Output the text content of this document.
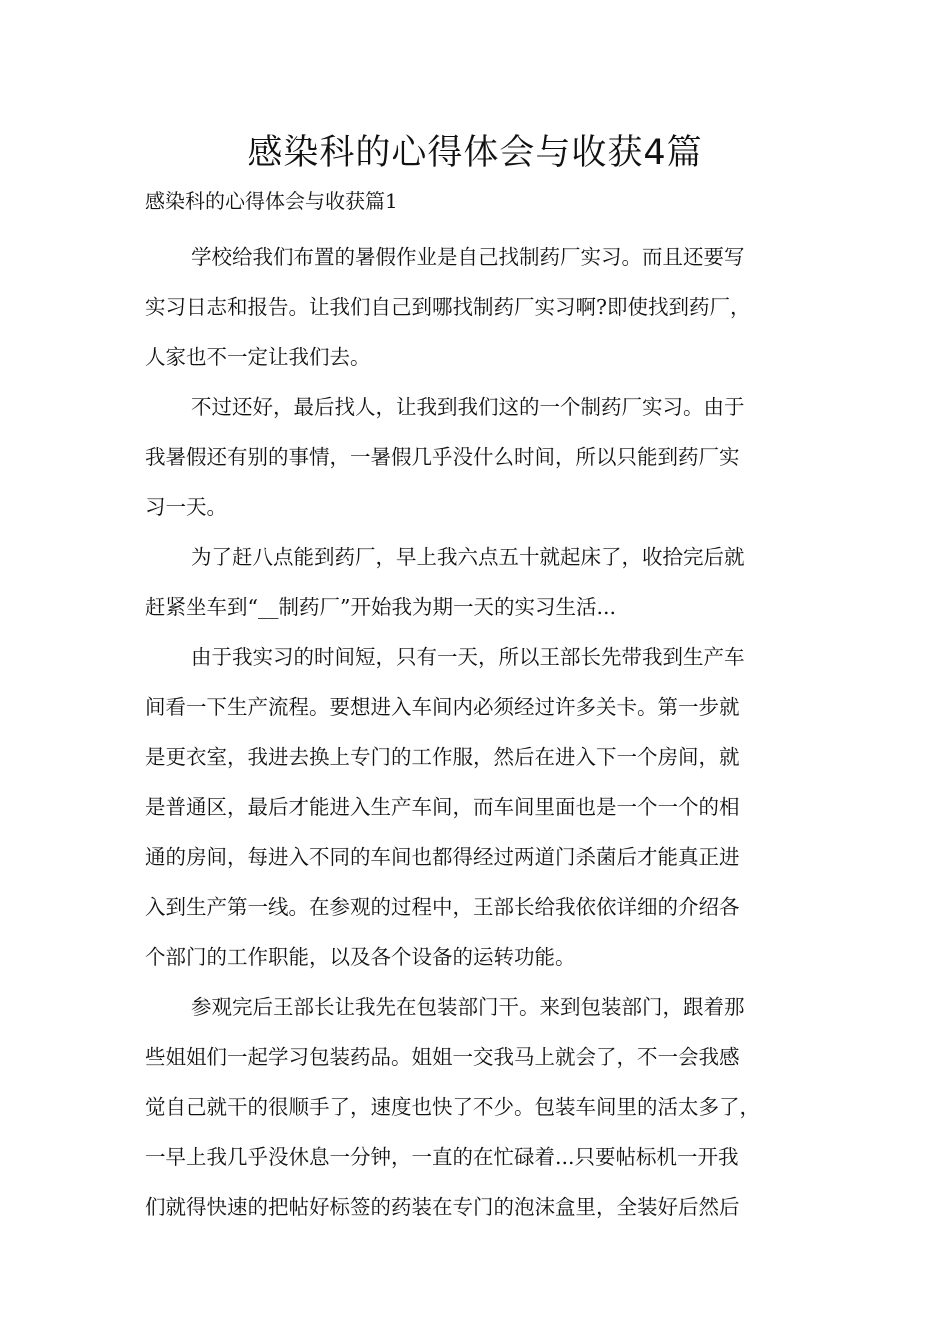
感染科的心得体会与收获4篇
感染科的心得体会与收获篇1

学校给我们布置的暑假作业是自己找制药厂实习。而且还要写
实习日志和报告。让我们自己到哪找制药厂实习啊?即使找到药厂，
人家也不一定让我们去。

不过还好，最后找人，让我到我们这的一个制药厂实习。由于
我暑假还有别的事情，一暑假几乎没什么时间，所以只能到药厂实
习一天。

为了赶八点能到药厂，早上我六点五十就起床了，收拾完后就
赶紧坐车到“__制药厂”开始我为期一天的实习生活...

由于我实习的时间短，只有一天，所以王部长先带我到生产车
间看一下生产流程。要想进入车间内必须经过许多关卡。第一步就
是更衣室，我进去换上专门的工作服，然后在进入下一个房间，就
是普通区，最后才能进入生产车间，而车间里面也是一个一个的相
通的房间，每进入不同的车间也都得经过两道门杀菌后才能真正进
入到生产第一线。在参观的过程中，王部长给我依依详细的介绍各
个部门的工作职能，以及各个设备的运转功能。

参观完后王部长让我先在包装部门干。来到包装部门，跟着那
些姐姐们一起学习包装药品。姐姐一交我马上就会了，不一会我感
觉自己就干的很顺手了，速度也快了不少。包装车间里的活太多了，
一早上我几乎没休息一分钟，一直的在忙碌着...只要帖标机一开我
们就得快速的把帖好标签的药装在专门的泡沫盒里，全装好后然后
